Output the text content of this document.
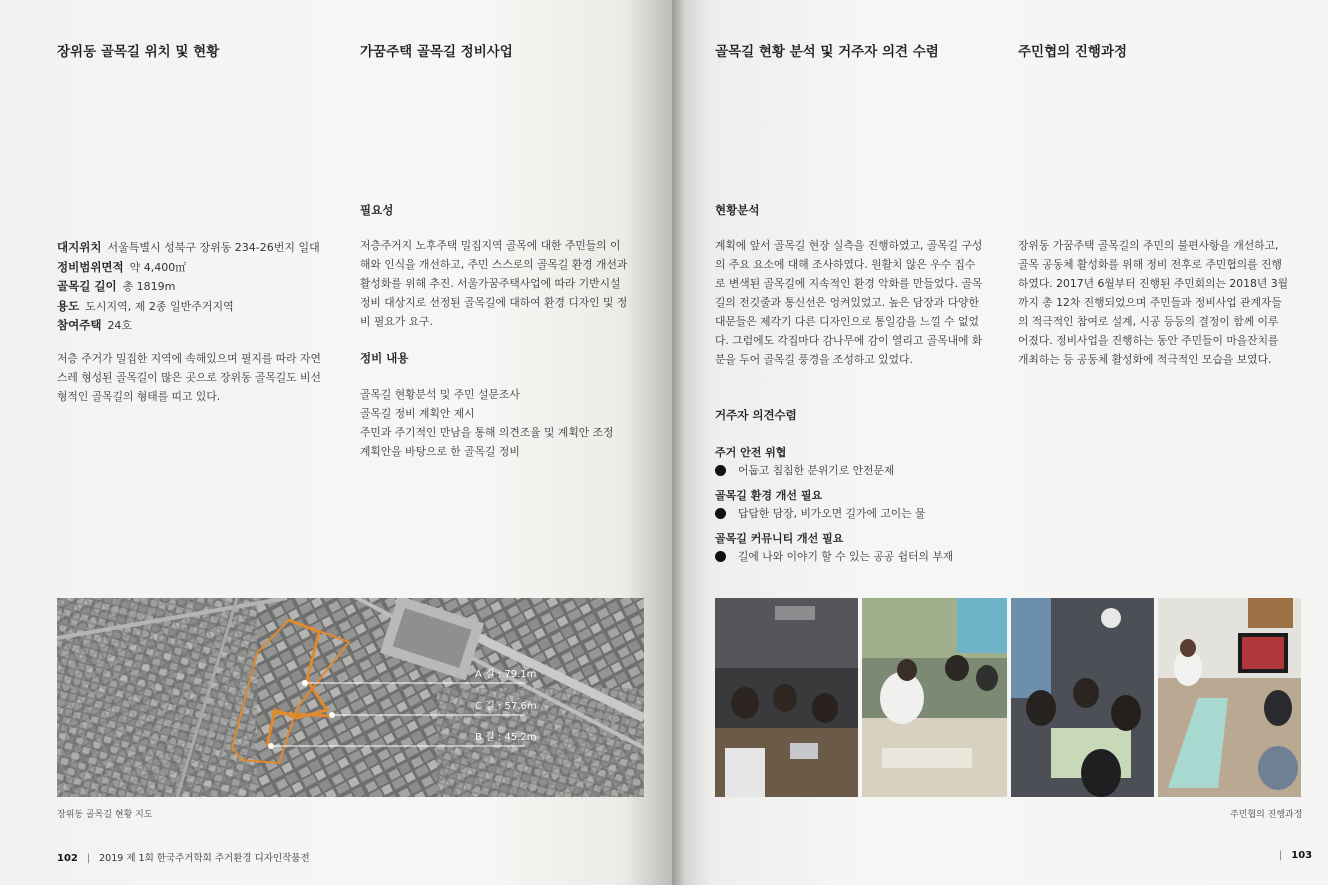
장위동 골목길 위치 및 현황	가꿈주택 골목길 정비사업
대지위치 서울특별시 성북구 장위동 234-26번지 일대
정비범위면적 약 4,400㎡
골목길 길이 총 1819m
용도 도시지역, 제 2종 일반주거지역
참여주택 24호
저층 주거가 밀집한 지역에 속해있으며 필지를 따라 자연
스레 형성된 골목길이 많은 곳으로 장위동 골목길도 비선
형적인 골목길의 형태를 띠고 있다.
필요성
저층주거지 노후주택 밀집지역 골목에 대한 주민들의 이
해와 인식을 개선하고, 주민 스스로의 골목길 환경 개선과
활성화를 위해 추진. 서울가꿈주택사업에 따라 기반시설
정비 대상지로 선정된 골목길에 대하여 환경 디자인 및 정
비 필요가 요구.
정비 내용
골목길 현황분석 및 주민 설문조사
골목길 정비 계획안 제시
주민과 주기적인 만남을 통해 의견조율 및 계획안 조정
계획안을 바탕으로 한 골목길 정비
A 길 : 79.1m
C 길 : 57.6m
B 길 : 45.2m
장위동 골목길 현황 지도
102 | 2019 제 1회 한국주거학회 주거환경 디자인작품전
골목길 현황 분석 및 거주자 의견 수렴	주민협의 진행과정
현황분석
계획에 앞서 골목길 현장 실측을 진행하였고, 골목길 구성
의 주요 요소에 대해 조사하였다. 원활치 않은 우수 집수
로 변색된 골목길에 지속적인 환경 악화를 만들었다. 골목
길의 전깃줄과 통신선은 엉켜있었고. 높은 담장과 다양한
대문들은 제각기 다른 디자인으로 통일감을 느낄 수 없었
다. 그럼에도 각집마다 감나무에 감이 열리고 골목내에 화
분을 두어 골목길 풍경을 조성하고 있었다.
장위동 가꿈주택 골목길의 주민의 불편사항을 개선하고,
골목 공동체 활성화를 위해 정비 전후로 주민협의를 진행
하였다. 2017년 6월부터 진행된 주민회의는 2018년 3월
까지 총 12차 진행되었으며 주민들과 정비사업 관계자들
의 적극적인 참여로 설계, 시공 등등의 결정이 함께 이루
어졌다. 정비사업을 진행하는 동안 주민들이 마을잔치를
개최하는 등 공동체 활성화에 적극적인 모습을 보였다.
거주자 의견수렴
주거 안전 위협
어둡고 침침한 분위기로 안전문제
골목길 환경 개선 필요
답답한 담장, 비가오면 길가에 고이는 물
골목길 커뮤니티 개선 필요
길에 나와 이야기 할 수 있는 공공 쉼터의 부재
주민협의 진행과정
| 103
